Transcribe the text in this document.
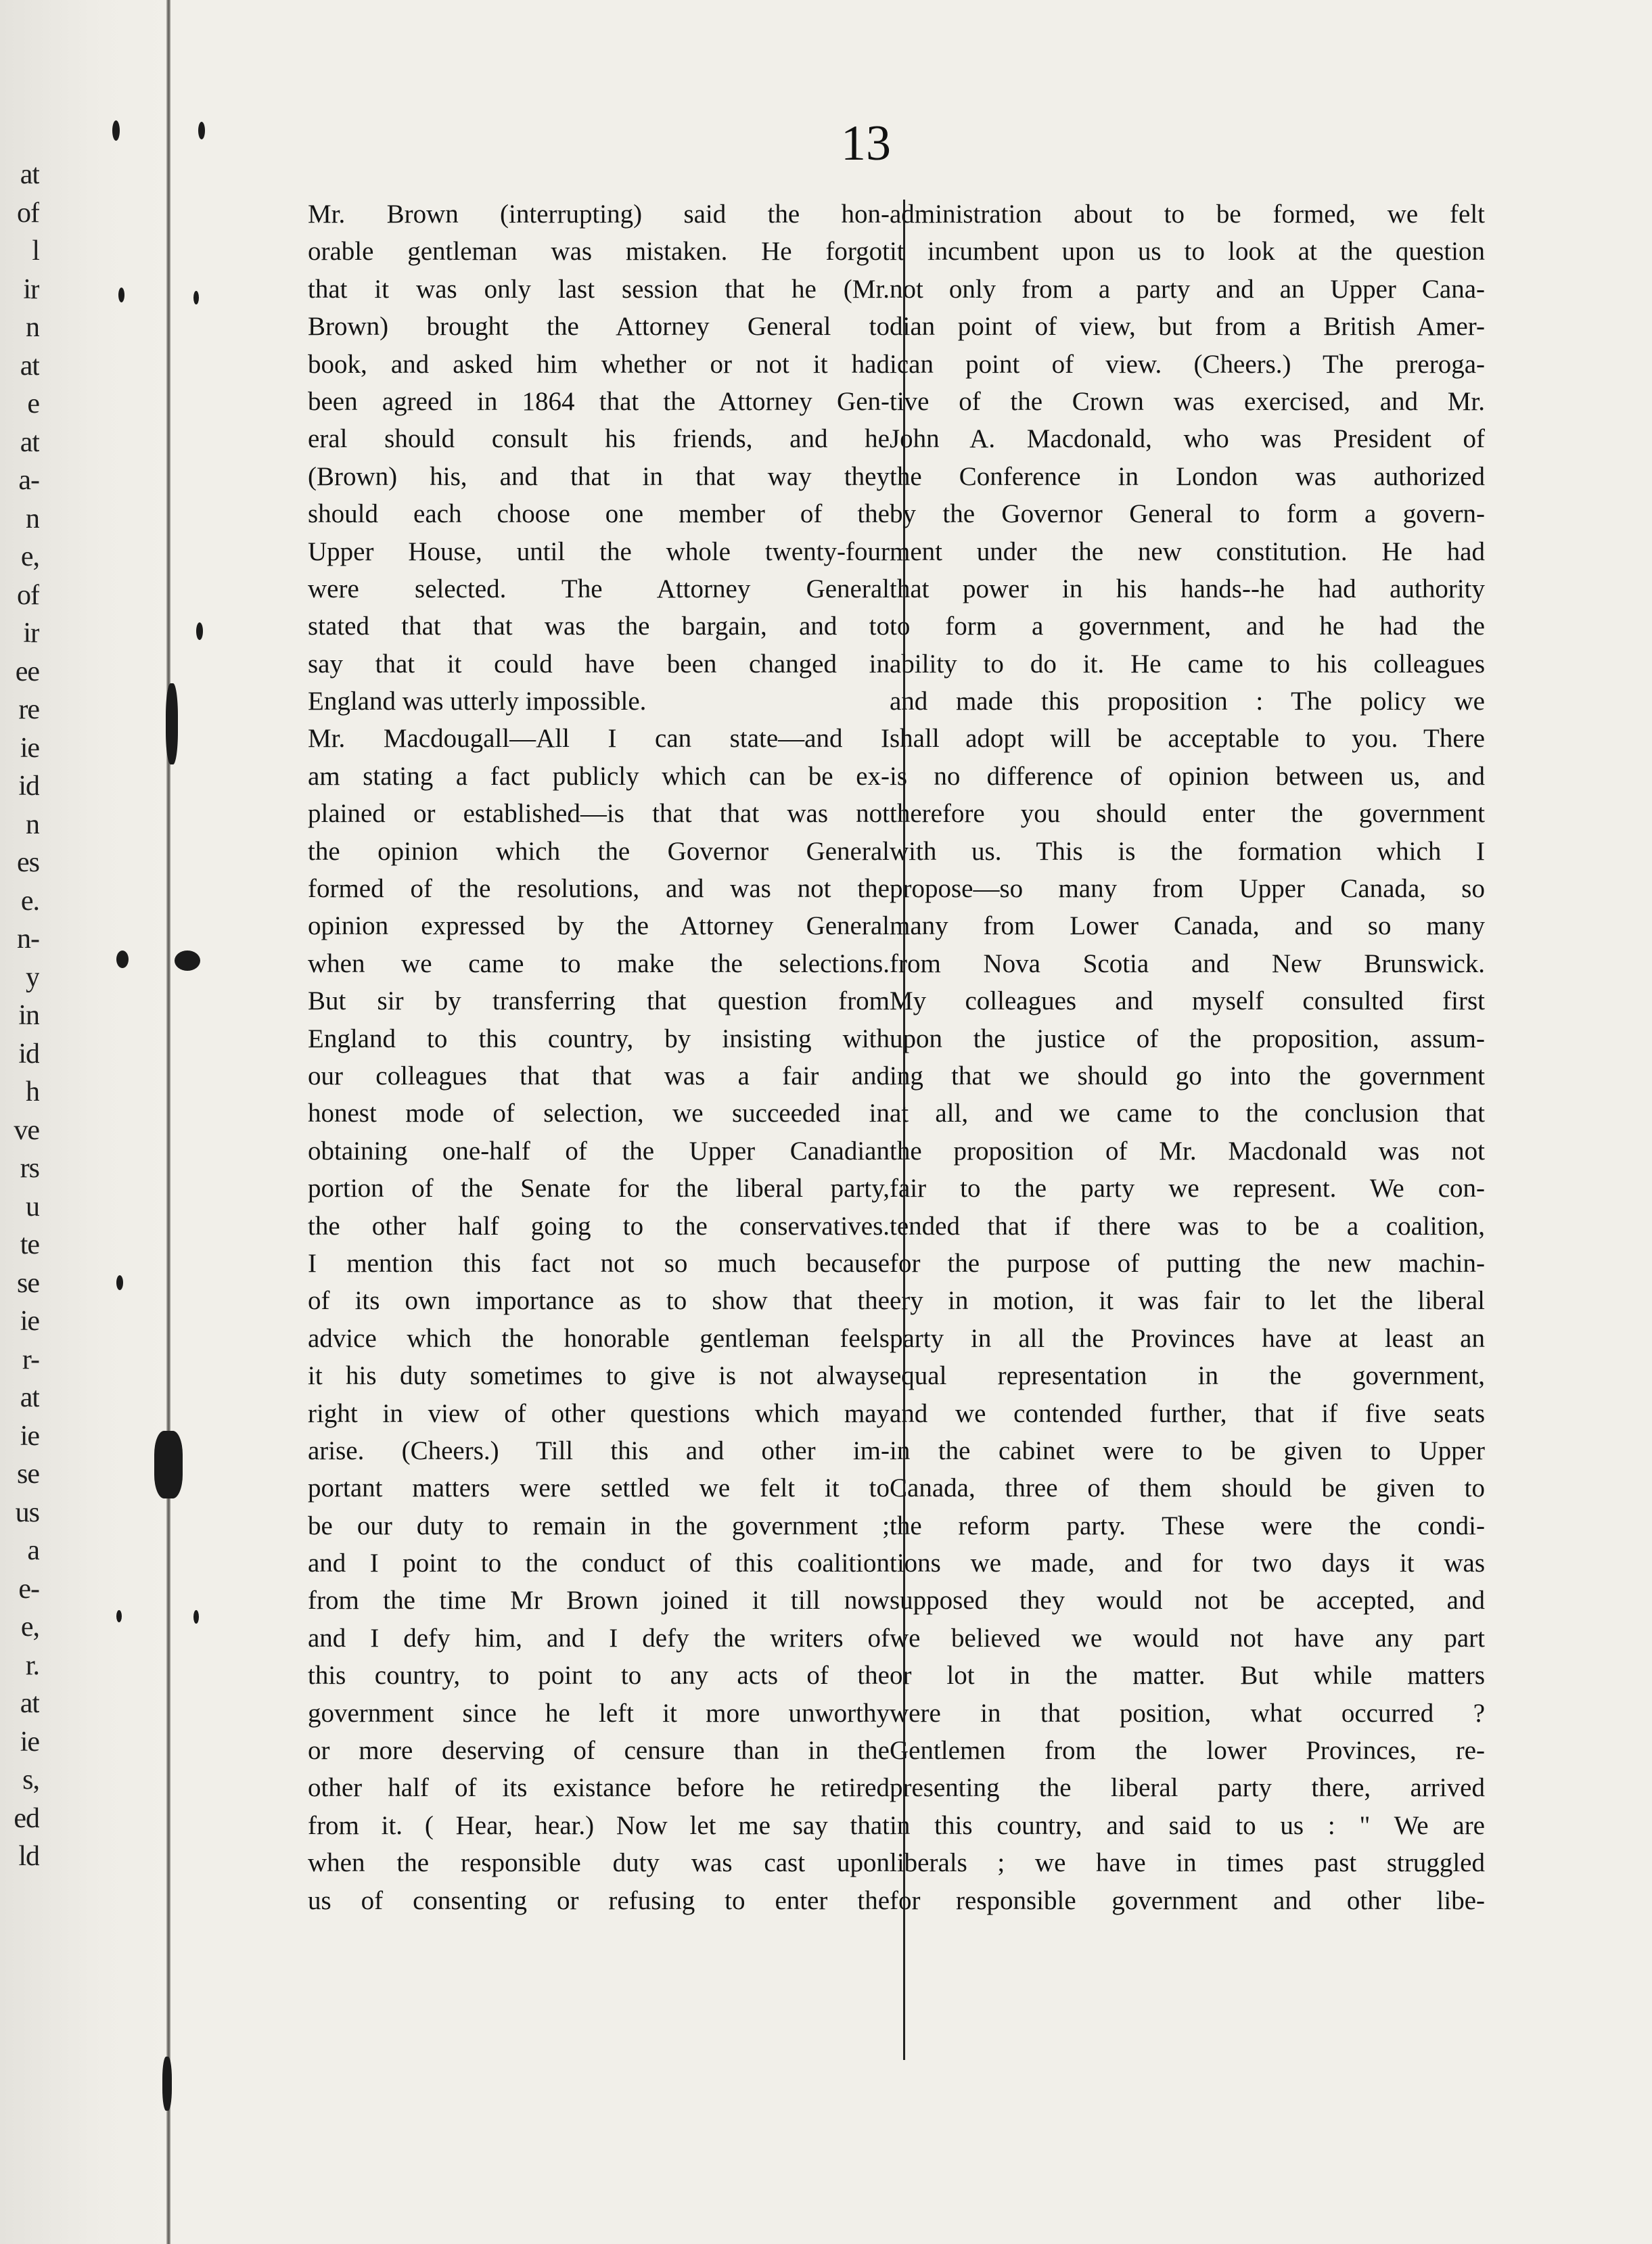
at
of
l
ir
n
at
e
at
a-
n
e,
of
ir
ee
re
ie
id
n
es
e.
n-
y
in
id
h
ve
rs
u
te
se
ie
r-
at
ie
se
us
a
e-
e,
r.
at
ie
s,
ed
ld
13
Mr. Brown (interrupting) said the hon-
orable gentleman was mistaken. He forgot
that it was only last session that he (Mr.
Brown) brought the Attorney General to
book, and asked him whether or not it had
been agreed in 1864 that the Attorney Gen-
eral should consult his friends, and he
(Brown) his, and that in that way they
should each choose one member of the
Upper House, until the whole twenty-four
were selected. The Attorney General
stated that that was the bargain, and to
say that it could have been changed in
England was utterly impossible.
Mr. Macdougall—All I can state—and I
am stating a fact publicly which can be ex-
plained or established—is that that was not
the opinion which the Governor General
formed of the resolutions, and was not the
opinion expressed by the Attorney General
when we came to make the selections.
But sir by transferring that question from
England to this country, by insisting with
our colleagues that that was a fair and
honest mode of selection, we succeeded in
obtaining one-half of the Upper Canadian
portion of the Senate for the liberal party,
the other half going to the conservatives.
I mention this fact not so much because
of its own importance as to show that the
advice which the honorable gentleman feels
it his duty sometimes to give is not always
right in view of other questions which may
arise. (Cheers.) Till this and other im-
portant matters were settled we felt it to
be our duty to remain in the government ;
and I point to the conduct of this coalition
from the time Mr Brown joined it till now
and I defy him, and I defy the writers of
this country, to point to any acts of the
government since he left it more unworthy
or more deserving of censure than in the
other half of its existance before he retired
from it. ( Hear, hear.) Now let me say that
when the responsible duty was cast upon
us of consenting or refusing to enter the
administration about to be formed, we felt
it incumbent upon us to look at the question
not only from a party and an Upper Cana-
dian point of view, but from a British Amer-
ican point of view. (Cheers.) The preroga-
tive of the Crown was exercised, and Mr.
John A. Macdonald, who was President of
the Conference in London was authorized
by the Governor General to form a govern-
ment under the new constitution. He had
that power in his hands--he had authority
to form a government, and he had the
ability to do it. He came to his colleagues
and made this proposition : The policy we
shall adopt will be acceptable to you. There
is no difference of opinion between us, and
therefore you should enter the government
with us. This is the formation which I
propose—so many from Upper Canada, so
many from Lower Canada, and so many
from Nova Scotia and New Brunswick.
My colleagues and myself consulted first
upon the justice of the proposition, assum-
ing that we should go into the government
at all, and we came to the conclusion that
the proposition of Mr. Macdonald was not
fair to the party we represent. We con-
tended that if there was to be a coalition,
for the purpose of putting the new machin-
ery in motion, it was fair to let the liberal
party in all the Provinces have at least an
equal representation in the government,
and we contended further, that if five seats
in the cabinet were to be given to Upper
Canada, three of them should be given to
the reform party. These were the condi-
tions we made, and for two days it was
supposed they would not be accepted, and
we believed we would not have any part
or lot in the matter. But while matters
were in that position, what occurred ?
Gentlemen from the lower Provinces, re-
presenting the liberal party there, arrived
in this country, and said to us : " We are
liberals ; we have in times past struggled
for responsible government and other libe-
